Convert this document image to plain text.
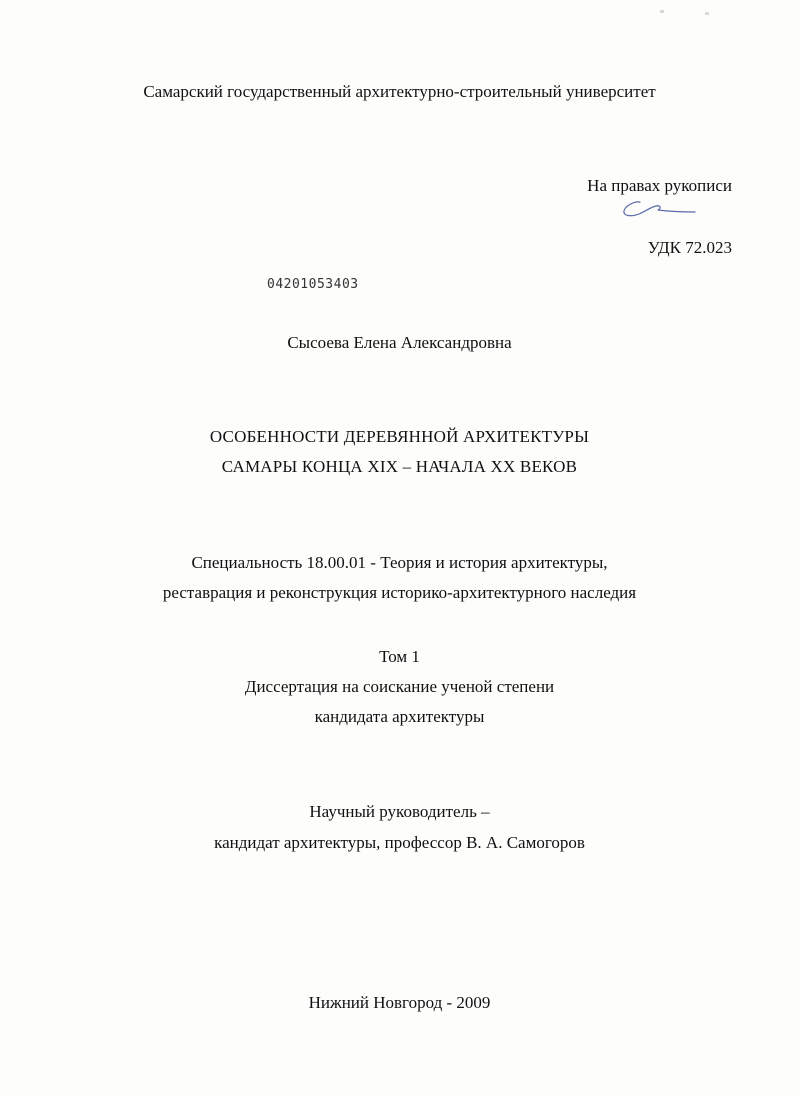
Самарский государственный архитектурно-строительный университет
На правах рукописи
УДК 72.023
04201053403
Сысоева Елена Александровна
ОСОБЕННОСТИ ДЕРЕВЯННОЙ АРХИТЕКТУРЫ
САМАРЫ КОНЦА XIX – НАЧАЛА XX ВЕКОВ
Специальность 18.00.01 - Теория и история архитектуры,
реставрация и реконструкция историко-архитектурного наследия
Том 1
Диссертация на соискание ученой степени
кандидата архитектуры
Научный руководитель –
кандидат архитектуры, профессор В. А. Самогоров
Нижний Новгород - 2009
